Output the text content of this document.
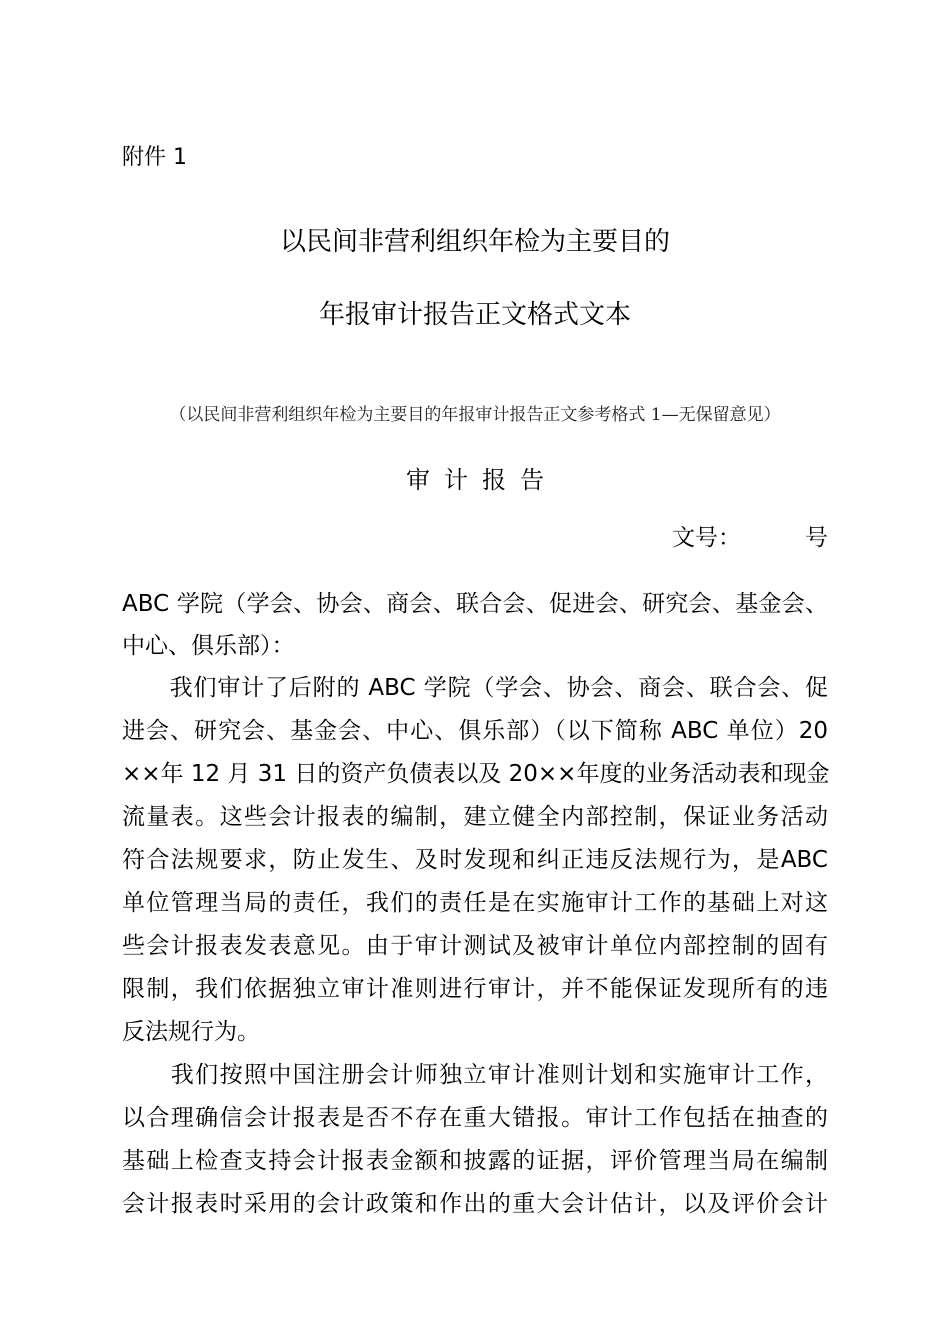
附件 1
以民间非营利组织年检为主要目的
年报审计报告正文格式文本
（以民间非营利组织年检为主要目的年报审计报告正文参考格式 1—无保留意见）
审计报告
文号：	号
ABC 学院（学会、协会、商会、联合会、促进会、研究会、基金会、
中心、俱乐部）：
　　我们审计了后附的 ABC 学院（学会、协会、商会、联合会、促
进会、研究会、基金会、中心、俱乐部）（以下简称 ABC 单位）20
××年 12 月 31 日的资产负债表以及 20××年度的业务活动表和现金
流量表。这些会计报表的编制，建立健全内部控制，保证业务活动
符合法规要求，防止发生、及时发现和纠正违反法规行为，是ABC
单位管理当局的责任，我们的责任是在实施审计工作的基础上对这
些会计报表发表意见。由于审计测试及被审计单位内部控制的固有
限制，我们依据独立审计准则进行审计，并不能保证发现所有的违
反法规行为。
　　我们按照中国注册会计师独立审计准则计划和实施审计工作，
以合理确信会计报表是否不存在重大错报。审计工作包括在抽查的
基础上检查支持会计报表金额和披露的证据，评价管理当局在编制
会计报表时采用的会计政策和作出的重大会计估计，以及评价会计
